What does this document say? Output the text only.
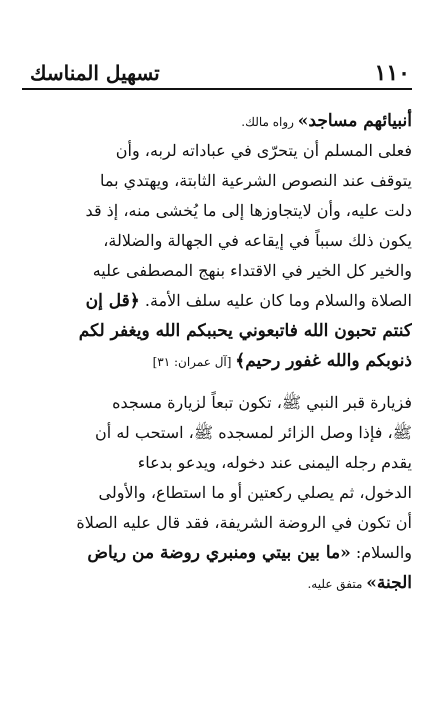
١١٠
تسهيل المناسك
أنبيائهم مساجد» رواه مالك.
فعلى المسلم أن يتحرّى في عباداته لربه، وأن
يتوقف عند النصوص الشرعية الثابتة، ويهتدي بما
دلت عليه، وأن لايتجاوزها إلى ما يُخشى منه، إذ قد
يكون ذلك سبباً في إيقاعه في الجهالة والضلالة،
والخير كل الخير في الاقتداء بنهج المصطفى عليه
الصلاة والسلام وما كان عليه سلف الأمة. ﴿قل إن
كنتم تحبون الله فاتبعوني يحببكم الله ويغفر لكم
ذنوبكم والله غفور رحيم﴾ [آل عمران: ٣١]
فزيارة قبر النبي ﷺ، تكون تبعاً لزيارة مسجده
ﷺ، فإذا وصل الزائر لمسجده ﷺ، استحب له أن
يقدم رجله اليمنى عند دخوله، ويدعو بدعاء
الدخول، ثم يصلي ركعتين أو ما استطاع، والأولى
أن تكون في الروضة الشريفة، فقد قال عليه الصلاة
والسلام: «ما بين بيتي ومنبري روضة من رياض
الجنة» متفق عليه.
